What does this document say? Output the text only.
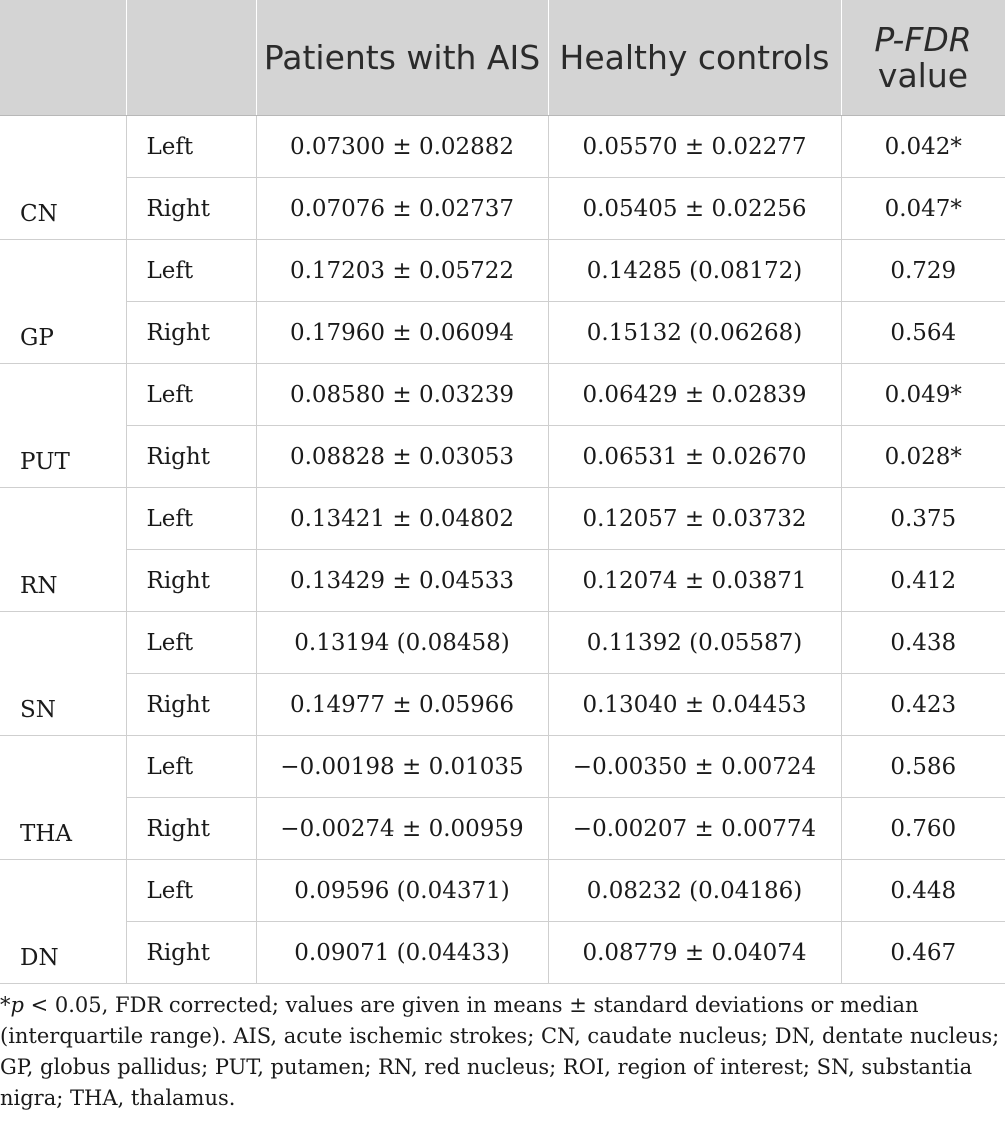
		Patients with AIS	Healthy controls	P-FDR
value
CN	Left	0.07300 ± 0.02882	0.05570 ± 0.02277	0.042*
	Right	0.07076 ± 0.02737	0.05405 ± 0.02256	0.047*
GP	Left	0.17203 ± 0.05722	0.14285 (0.08172)	0.729
	Right	0.17960 ± 0.06094	0.15132 (0.06268)	0.564
PUT	Left	0.08580 ± 0.03239	0.06429 ± 0.02839	0.049*
	Right	0.08828 ± 0.03053	0.06531 ± 0.02670	0.028*
RN	Left	0.13421 ± 0.04802	0.12057 ± 0.03732	0.375
	Right	0.13429 ± 0.04533	0.12074 ± 0.03871	0.412
SN	Left	0.13194 (0.08458)	0.11392 (0.05587)	0.438
	Right	0.14977 ± 0.05966	0.13040 ± 0.04453	0.423
THA	Left	−0.00198 ± 0.01035	−0.00350 ± 0.00724	0.586
	Right	−0.00274 ± 0.00959	−0.00207 ± 0.00774	0.760
DN	Left	0.09596 (0.04371)	0.08232 (0.04186)	0.448
	Right	0.09071 (0.04433)	0.08779 ± 0.04074	0.467
*p < 0.05, FDR corrected; values are given in means ± standard deviations or median (interquartile range). AIS, acute ischemic strokes; CN, caudate nucleus; DN, dentate nucleus; GP, globus pallidus; PUT, putamen; RN, red nucleus; ROI, region of interest; SN, substantia nigra; THA, thalamus.
